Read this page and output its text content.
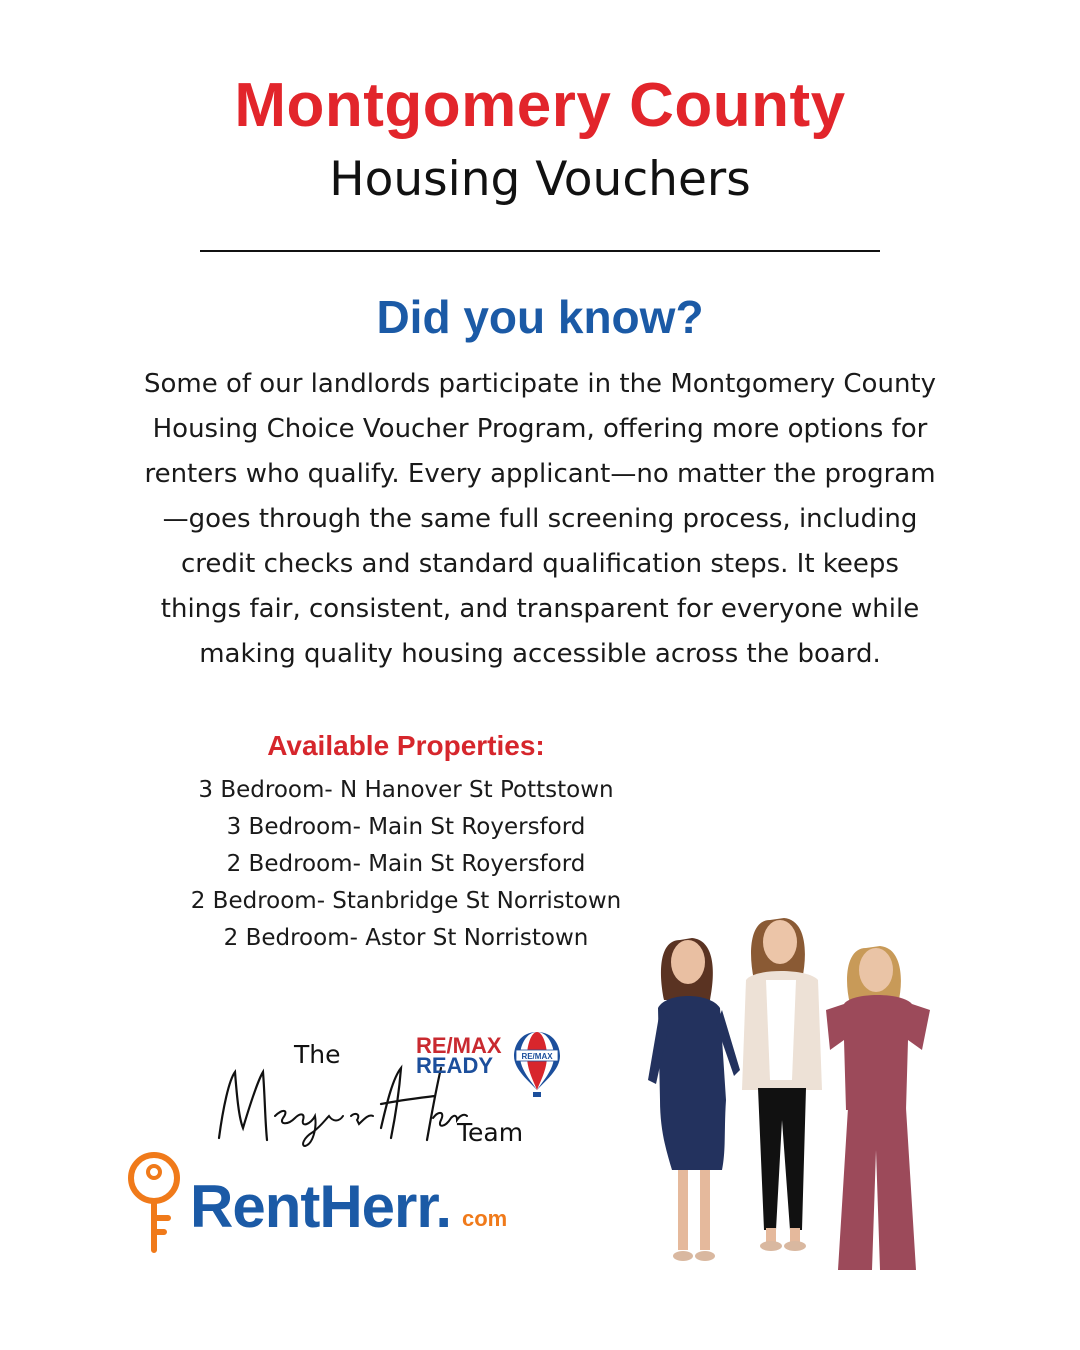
Montgomery County
Housing Vouchers
Did you know?
Some of our landlords participate in the Montgomery County
Housing Choice Voucher Program, offering more options for
renters who qualify. Every applicant—no matter the program
—goes through the same full screening process, including
credit checks and standard qualification steps. It keeps
things fair, consistent, and transparent for everyone while
making quality housing accessible across the board.
Available Properties:
3 Bedroom- N Hanover St Pottstown
3 Bedroom- Main St Royersford
2 Bedroom- Main St Royersford
2 Bedroom- Stanbridge St Norristown
2 Bedroom- Astor St Norristown
The
Team
RE/MAX
READY	RE/MAX
RentHerr. com
